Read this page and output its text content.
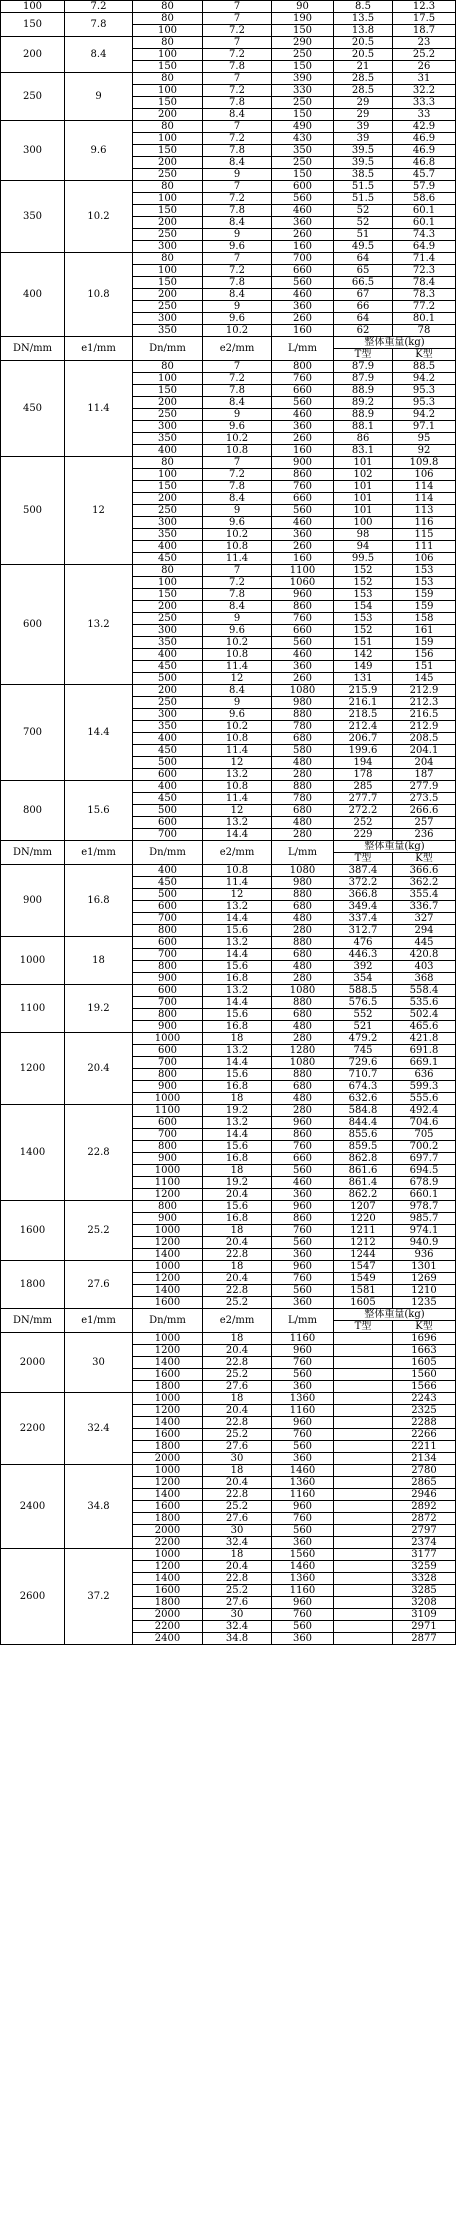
100	7.2	80	7	90	8.5	12.3
150	7.8	80	7	190	13.5	17.5
		100	7.2	150	13.8	18.7
200	8.4	80	7	290	20.5	23
		100	7.2	250	20.5	25.2
		150	7.8	150	21	26
250	9	80	7	390	28.5	31
		100	7.2	330	28.5	32.2
		150	7.8	250	29	33.3
		200	8.4	150	29	33
300	9.6	80	7	490	39	42.9
		100	7.2	430	39	46.9
		150	7.8	350	39.5	46.9
		200	8.4	250	39.5	46.8
		250	9	150	38.5	45.7
350	10.2	80	7	600	51.5	57.9
		100	7.2	560	51.5	58.6
		150	7.8	460	52	60.1
		200	8.4	360	52	60.1
		250	9	260	51	74.3
		300	9.6	160	49.5	64.9
400	10.8	80	7	700	64	71.4
		100	7.2	660	65	72.3
		150	7.8	560	66.5	78.4
		200	8.4	460	67	78.3
		250	9	360	66	77.2
		300	9.6	260	64	80.1
		350	10.2	160	62	78
DN/mm	e1/mm	Dn/mm	e2/mm	L/mm	整体重量(kg)	
					T型	K型
450	11.4	80	7	800	87.9	88.5
		100	7.2	760	87.9	94.2
		150	7.8	660	88.9	95.3
		200	8.4	560	89.2	95.3
		250	9	460	88.9	94.2
		300	9.6	360	88.1	97.1
		350	10.2	260	86	95
		400	10.8	160	83.1	92
500	12	80	7	900	101	109.8
		100	7.2	860	102	106
		150	7.8	760	101	114
		200	8.4	660	101	114
		250	9	560	101	113
		300	9.6	460	100	116
		350	10.2	360	98	115
		400	10.8	260	94	111
		450	11.4	160	99.5	106
600	13.2	80	7	1100	152	153
		100	7.2	1060	152	153
		150	7.8	960	153	159
		200	8.4	860	154	159
		250	9	760	153	158
		300	9.6	660	152	161
		350	10.2	560	151	159
		400	10.8	460	142	156
		450	11.4	360	149	151
		500	12	260	131	145
700	14.4	200	8.4	1080	215.9	212.9
		250	9	980	216.1	212.3
		300	9.6	880	218.5	216.5
		350	10.2	780	212.4	212.9
		400	10.8	680	206.7	208.5
		450	11.4	580	199.6	204.1
		500	12	480	194	204
		600	13.2	280	178	187
800	15.6	400	10.8	880	285	277.9
		450	11.4	780	277.7	273.5
		500	12	680	272.2	266.6
		600	13.2	480	252	257
		700	14.4	280	229	236
DN/mm	e1/mm	Dn/mm	e2/mm	L/mm	整体重量(kg)	
					T型	K型
900	16.8	400	10.8	1080	387.4	366.6
		450	11.4	980	372.2	362.2
		500	12	880	366.8	355.4
		600	13.2	680	349.4	336.7
		700	14.4	480	337.4	327
		800	15.6	280	312.7	294
1000	18	600	13.2	880	476	445
		700	14.4	680	446.3	420.8
		800	15.6	480	392	403
		900	16.8	280	354	368
1100	19.2	600	13.2	1080	588.5	558.4
		700	14.4	880	576.5	535.6
		800	15.6	680	552	502.4
		900	16.8	480	521	465.6
1200	20.4	1000	18	280	479.2	421.8
		600	13.2	1280	745	691.8
		700	14.4	1080	729.6	669.1
		800	15.6	880	710.7	636
		900	16.8	680	674.3	599.3
		1000	18	480	632.6	555.6
1400	22.8	1100	19.2	280	584.8	492.4
		600	13.2	960	844.4	704.6
		700	14.4	860	855.6	705
		800	15.6	760	859.5	700.2
		900	16.8	660	862.8	697.7
		1000	18	560	861.6	694.5
		1100	19.2	460	861.4	678.9
		1200	20.4	360	862.2	660.1
1600	25.2	800	15.6	960	1207	978.7
		900	16.8	860	1220	985.7
		1000	18	760	1211	974.1
		1200	20.4	560	1212	940.9
		1400	22.8	360	1244	936
1800	27.6	1000	18	960	1547	1301
		1200	20.4	760	1549	1269
		1400	22.8	560	1581	1210
		1600	25.2	360	1605	1235
DN/mm	e1/mm	Dn/mm	e2/mm	L/mm	整体重量(kg)	
					T型	K型
2000	30	1000	18	1160		1696
		1200	20.4	960		1663
		1400	22.8	760		1605
		1600	25.2	560		1560
		1800	27.6	360		1566
2200	32.4	1000	18	1360		2243
		1200	20.4	1160		2325
		1400	22.8	960		2288
		1600	25.2	760		2266
		1800	27.6	560		2211
		2000	30	360		2134
2400	34.8	1000	18	1460		2780
		1200	20.4	1360		2865
		1400	22.8	1160		2946
		1600	25.2	960		2892
		1800	27.6	760		2872
		2000	30	560		2797
		2200	32.4	360		2374
2600	37.2	1000	18	1560		3177
		1200	20.4	1460		3259
		1400	22.8	1360		3328
		1600	25.2	1160		3285
		1800	27.6	960		3208
		2000	30	760		3109
		2200	32.4	560		2971
		2400	34.8	360		2877
